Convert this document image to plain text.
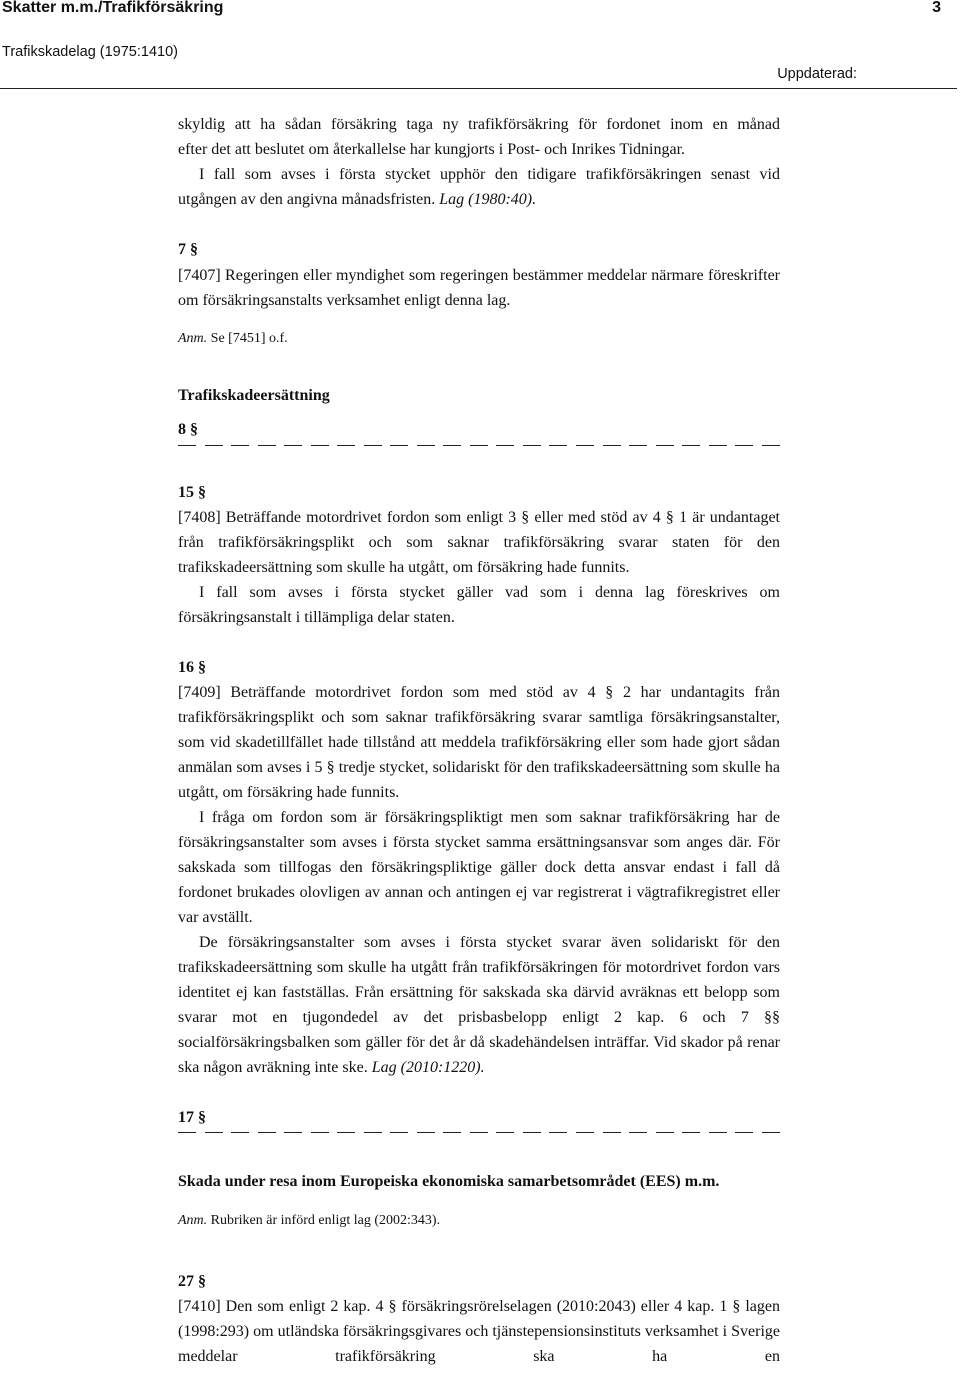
Skatter m.m./Trafikförsäkring	3
Trafikskadelag (1975:1410)
Uppdaterad:

skyldig att ha sådan försäkring taga ny trafikförsäkring för fordonet inom en månad

efter det att beslutet om återkallelse har kungjorts i Post- och Inrikes Tidningar.

I fall som avses i första stycket upphör den tidigare trafikförsäkringen senast vid

utgången av den angivna månadsfristen. Lag (1980:40).

7 §

[7407] Regeringen eller myndighet som regeringen bestämmer meddelar närmare föreskrifter om försäkringsanstalts verksamhet enligt denna lag.

Anm. Se [7451] o.f.

Trafikskadeersättning

8 §

15 §

[7408] Beträffande motordrivet fordon som enligt 3 § eller med stöd av 4 § 1 är undantaget från trafikförsäkringsplikt och som saknar trafikförsäkring svarar staten för den trafikskadeersättning som skulle ha utgått, om försäkring hade funnits.

I fall som avses i första stycket gäller vad som i denna lag föreskrives om försäkringsanstalt i tillämpliga delar staten.

16 §

[7409] Beträffande motordrivet fordon som med stöd av 4 § 2 har undantagits från trafikförsäkringsplikt och som saknar trafikförsäkring svarar samtliga försäkringsanstalter, som vid skadetillfället hade tillstånd att meddela trafikförsäkring eller som hade gjort sådan anmälan som avses i 5 § tredje stycket, solidariskt för den trafikskadeersättning som skulle ha utgått, om försäkring hade funnits.

I fråga om fordon som är försäkringspliktigt men som saknar trafikförsäkring har de försäkringsanstalter som avses i första stycket samma ersättningsansvar som anges där. För sakskada som tillfogas den försäkringspliktige gäller dock detta ansvar endast i fall då fordonet brukades olovligen av annan och antingen ej var registrerat i vägtrafikregistret eller var avställt.

De försäkringsanstalter som avses i första stycket svarar även solidariskt för den trafikskadeersättning som skulle ha utgått från trafikförsäkringen för motordrivet fordon vars identitet ej kan fastställas. Från ersättning för sakskada ska därvid avräknas ett belopp som svarar mot en tjugondedel av det prisbasbelopp enligt 2 kap. 6 och 7 §§ socialförsäkringsbalken som gäller för det år då skadehändelsen inträffar. Vid skador på renar ska någon avräkning inte ske. Lag (2010:1220).

17 §

Skada under resa inom Europeiska ekonomiska samarbetsområdet (EES) m.m.

Anm. Rubriken är införd enligt lag (2002:343).

27 §

[7410] Den som enligt 2 kap. 4 § försäkringsrörelselagen (2010:2043) eller 4 kap. 1 § lagen (1998:293) om utländska försäkringsgivares och tjänstepensionsinstituts verksamhet i Sverige meddelar trafikförsäkring ska ha en
